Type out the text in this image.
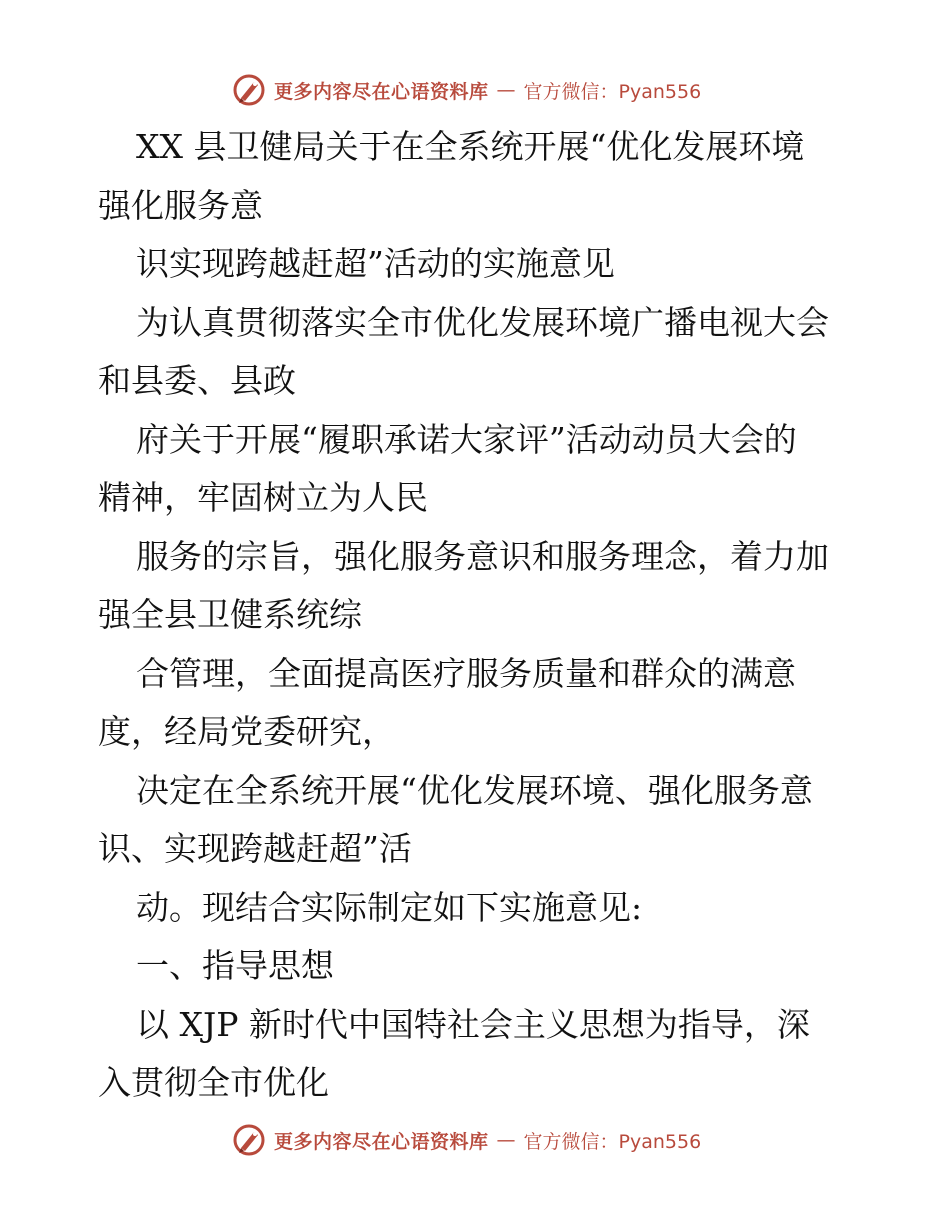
更多内容尽在心语资料库 — 官方微信：Pyan556
XX 县卫健局关于在全系统开展“优化发展环境
强化服务意
识实现跨越赶超”活动的实施意见
为认真贯彻落实全市优化发展环境广播电视大会
和县委、县政
府关于开展“履职承诺大家评”活动动员大会的
精神，牢固树立为人民
服务的宗旨，强化服务意识和服务理念，着力加
强全县卫健系统综
合管理，全面提高医疗服务质量和群众的满意
度，经局党委研究，
决定在全系统开展“优化发展环境、强化服务意
识、实现跨越赶超”活
动。现结合实际制定如下实施意见:
一、指导思想
以 XJP 新时代中国特社会主义思想为指导，深
入贯彻全市优化
更多内容尽在心语资料库 — 官方微信：Pyan556
